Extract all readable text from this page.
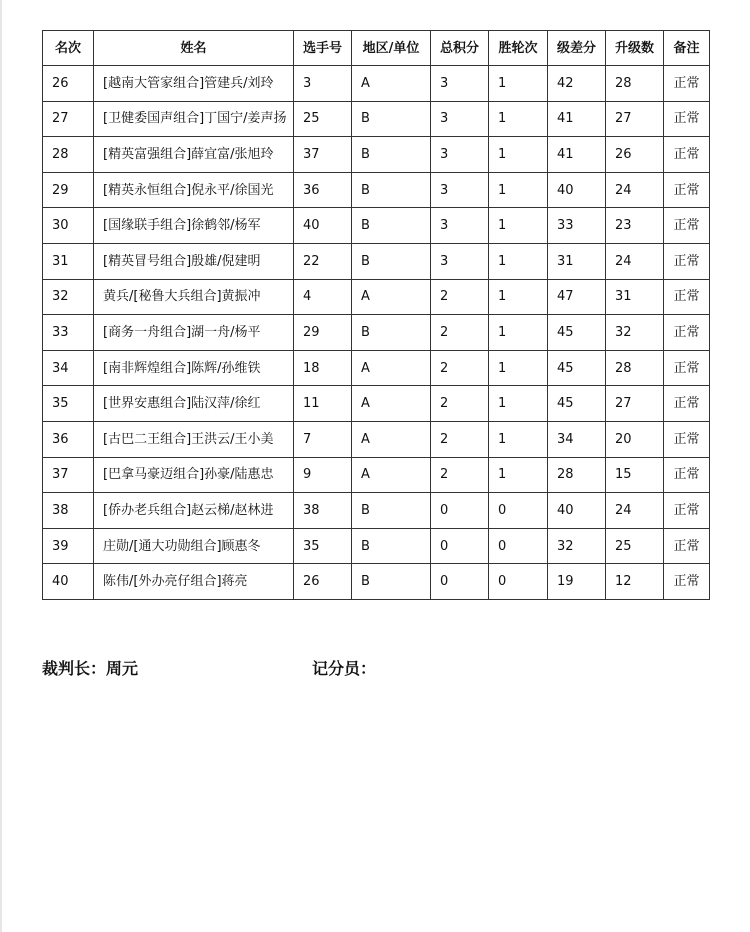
名次	姓名	选手号	地区/单位	总积分	胜轮次	级差分	升级数	备注
26	[越南大管家组合]管建兵/刘玲	3	A	3	1	42	28	正常
27	[卫健委国声组合]丁国宁/姜声扬	25	B	3	1	41	27	正常
28	[精英富强组合]薛宜富/张旭玲	37	B	3	1	41	26	正常
29	[精英永恒组合]倪永平/徐国光	36	B	3	1	40	24	正常
30	[国缘联手组合]徐鹤邻/杨军	40	B	3	1	33	23	正常
31	[精英冒号组合]殷雄/倪建明	22	B	3	1	31	24	正常
32	黄兵/[秘鲁大兵组合]黄振冲	4	A	2	1	47	31	正常
33	[商务一舟组合]湖一舟/杨平	29	B	2	1	45	32	正常
34	[南非辉煌组合]陈辉/孙维铁	18	A	2	1	45	28	正常
35	[世界安惠组合]陆汉萍/徐红	11	A	2	1	45	27	正常
36	[古巴二王组合]王洪云/王小美	7	A	2	1	34	20	正常
37	[巴拿马豪迈组合]孙豪/陆惠忠	9	A	2	1	28	15	正常
38	[侨办老兵组合]赵云梯/赵林进	38	B	0	0	40	24	正常
39	庄勋/[通大功勋组合]顾惠冬	35	B	0	0	32	25	正常
40	陈伟/[外办亮仔组合]蒋亮	26	B	0	0	19	12	正常
裁判长：周元	记分员：
